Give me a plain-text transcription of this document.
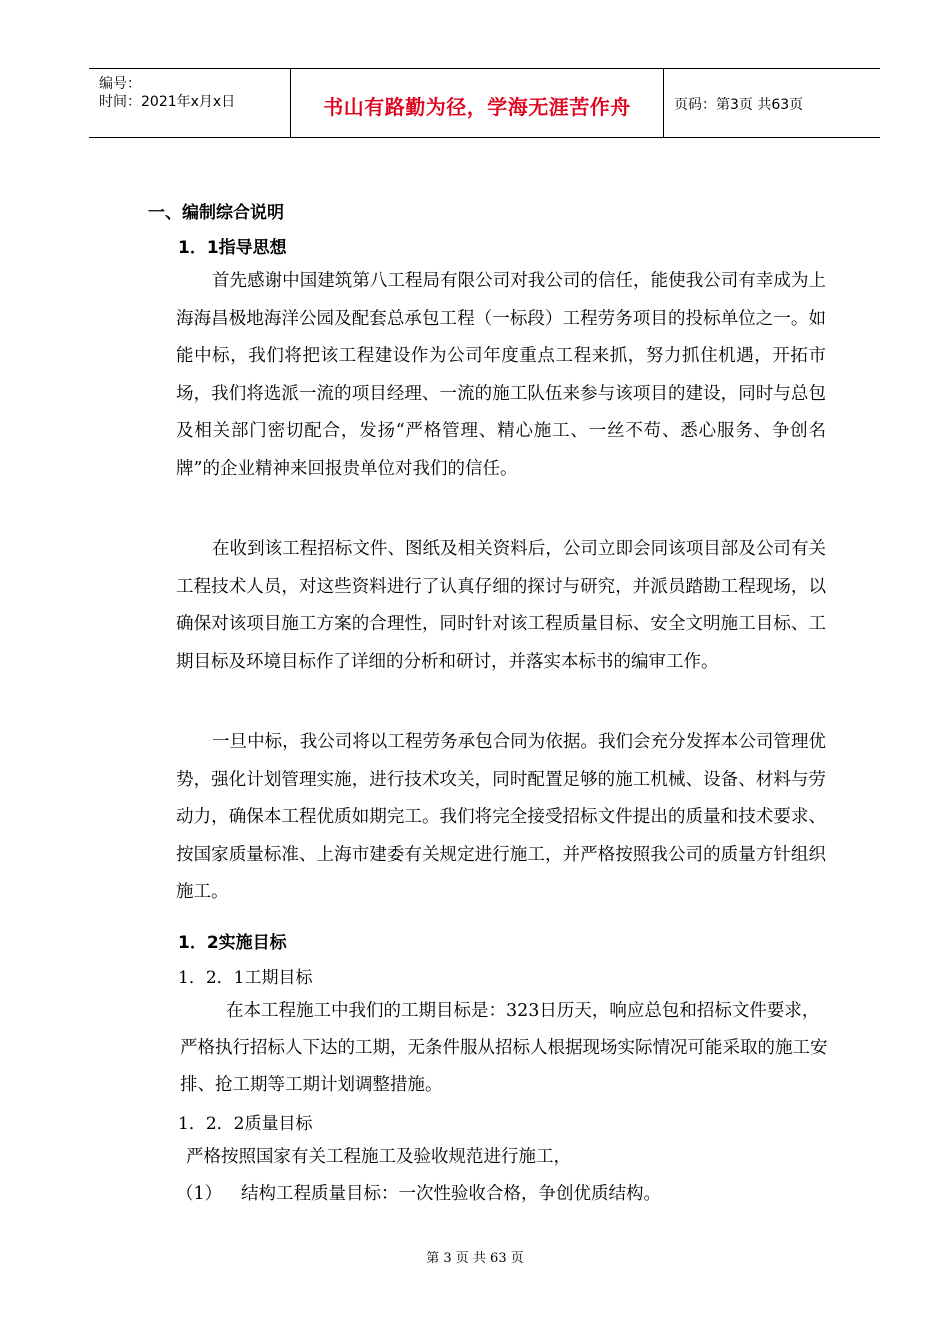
编号：
时间：2021年x月x日	书山有路勤为径，学海无涯苦作舟	页码：第3页 共63页
一、编制综合说明
1．1指导思想

首先感谢中国建筑第八工程局有限公司对我公司的信任，能使我公司有幸成为上海海昌极地海洋公园及配套总承包工程（一标段）工程劳务项目的投标单位之一。如能中标，我们将把该工程建设作为公司年度重点工程来抓，努力抓住机遇，开拓市场，我们将选派一流的项目经理、一流的施工队伍来参与该项目的建设，同时与总包及相关部门密切配合，发扬“严格管理、精心施工、一丝不苟、悉心服务、争创名牌”的企业精神来回报贵单位对我们的信任。

在收到该工程招标文件、图纸及相关资料后，公司立即会同该项目部及公司有关工程技术人员，对这些资料进行了认真仔细的探讨与研究，并派员踏勘工程现场，以确保对该项目施工方案的合理性，同时针对该工程质量目标、安全文明施工目标、工期目标及环境目标作了详细的分析和研讨，并落实本标书的编审工作。

一旦中标，我公司将以工程劳务承包合同为依据。我们会充分发挥本公司管理优势，强化计划管理实施，进行技术攻关，同时配置足够的施工机械、设备、材料与劳动力，确保本工程优质如期完工。我们将完全接受招标文件提出的质量和技术要求、按国家质量标准、上海市建委有关规定进行施工，并严格按照我公司的质量方针组织施工。

1．2实施目标
1．2．1工期目标

在本工程施工中我们的工期目标是：323日历天，响应总包和招标文件要求，严格执行招标人下达的工期，无条件服从招标人根据现场实际情况可能采取的施工安排、抢工期等工期计划调整措施。

1．2．2质量目标
严格按照国家有关工程施工及验收规范进行施工，
（1） 结构工程质量目标：一次性验收合格，争创优质结构。
第 3 页 共 63 页
